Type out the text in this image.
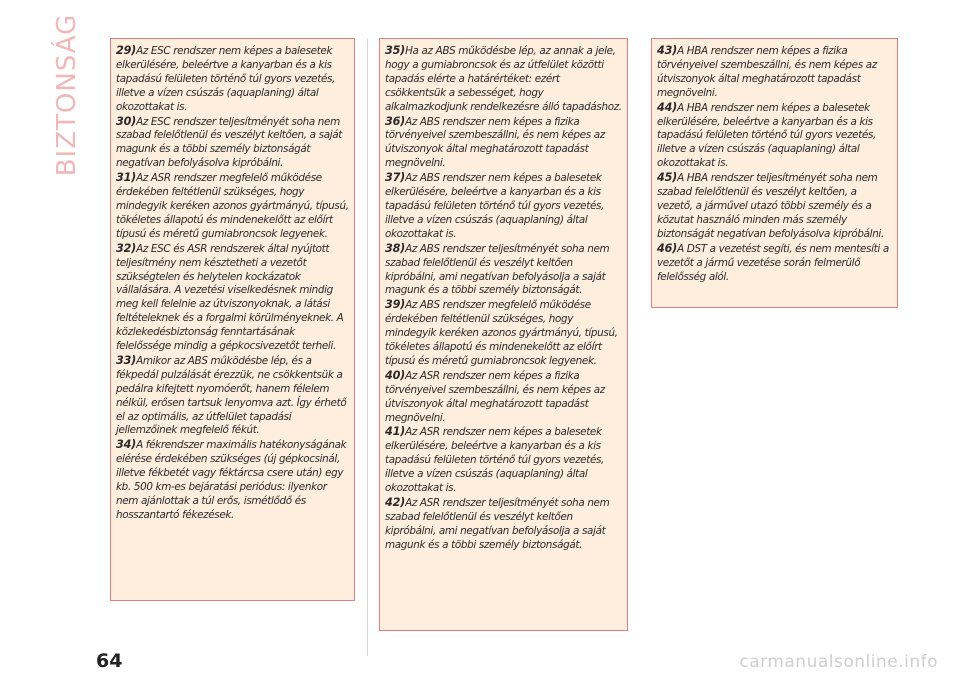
BIZTONSÁG	29)Az ESC rendszer nem képes a balesetek elkerülésére, beleértve a kanyarban és a kis tapadású felületen történő túl gyors vezetés, illetve a vízen csúszás (aquaplaning) által okozottakat is.

30)Az ESC rendszer teljesítményét soha nem szabad felelőtlenül és veszélyt keltően, a saját magunk és a többi személy biztonságát negatívan befolyásolva kipróbálni.

31)Az ASR rendszer megfelelő működése érdekében feltétlenül szükséges, hogy mindegyik keréken azonos gyártmányú, típusú, tökéletes állapotú és mindenekelőtt az előírt típusú és méretű gumiabroncsok legyenek.

32)Az ESC és ASR rendszerek által nyújtott teljesítmény nem késztetheti a vezetőt szükségtelen és helytelen kockázatok vállalására. A vezetési viselkedésnek mindig meg kell felelnie az útviszonyoknak, a látási feltételeknek és a forgalmi körülményeknek. A közlekedésbiztonság fenntartásának felelőssége mindig a gépkocsivezetőt terheli.

33)Amikor az ABS működésbe lép, és a fékpedál pulzálását érezzük, ne csökkentsük a pedálra kifejtett nyomóerőt, hanem félelem nélkül, erősen tartsuk lenyomva azt. Így érhető el az optimális, az útfelület tapadási jellemzőinek megfelelő fékút.

34)A fékrendszer maximális hatékonyságának elérése érdekében szükséges (új gépkocsinál, illetve fékbetét vagy féktárcsa csere után) egy kb. 500 km-es bejáratási periódus: ilyenkor nem ajánlottak a túl erős, ismétlődő és hosszantartó fékezések.

35)Ha az ABS működésbe lép, az annak a jele, hogy a gumiabroncsok és az útfelület közötti tapadás elérte a határértéket: ezért csökkentsük a sebességet, hogy alkalmazkodjunk rendelkezésre álló tapadáshoz.

36)Az ABS rendszer nem képes a fizika törvényeivel szembeszállni, és nem képes az útviszonyok által meghatározott tapadást megnövelni.

37)Az ABS rendszer nem képes a balesetek elkerülésére, beleértve a kanyarban és a kis tapadású felületen történő túl gyors vezetés, illetve a vízen csúszás (aquaplaning) által okozottakat is.

38)Az ABS rendszer teljesítményét soha nem szabad felelőtlenül és veszélyt keltően kipróbálni, ami negatívan befolyásolja a saját magunk és a többi személy biztonságát.

39)Az ABS rendszer megfelelő működése érdekében feltétlenül szükséges, hogy mindegyik keréken azonos gyártmányú, típusú, tökéletes állapotú és mindenekelőtt az előírt típusú és méretű gumiabroncsok legyenek.

40)Az ASR rendszer nem képes a fizika törvényeivel szembeszállni, és nem képes az útviszonyok által meghatározott tapadást megnövelni.

41)Az ASR rendszer nem képes a balesetek elkerülésére, beleértve a kanyarban és a kis tapadású felületen történő túl gyors vezetés, illetve a vízen csúszás (aquaplaning) által okozottakat is.

42)Az ASR rendszer teljesítményét soha nem szabad felelőtlenül és veszélyt keltően kipróbálni, ami negatívan befolyásolja a saját magunk és a többi személy biztonságát.

43)A HBA rendszer nem képes a fizika törvényeivel szembeszállni, és nem képes az útviszonyok által meghatározott tapadást megnövelni.

44)A HBA rendszer nem képes a balesetek elkerülésére, beleértve a kanyarban és a kis tapadású felületen történő túl gyors vezetés, illetve a vízen csúszás (aquaplaning) által okozottakat is.

45)A HBA rendszer teljesítményét soha nem szabad felelőtlenül és veszélyt keltően, a vezető, a járművel utazó többi személy és a közutat használó minden más személy biztonságát negatívan befolyásolva kipróbálni.

46)A DST a vezetést segíti, és nem mentesíti a vezetőt a jármű vezetése során felmerülő felelősség alól.

64	carmanualsonline.info
